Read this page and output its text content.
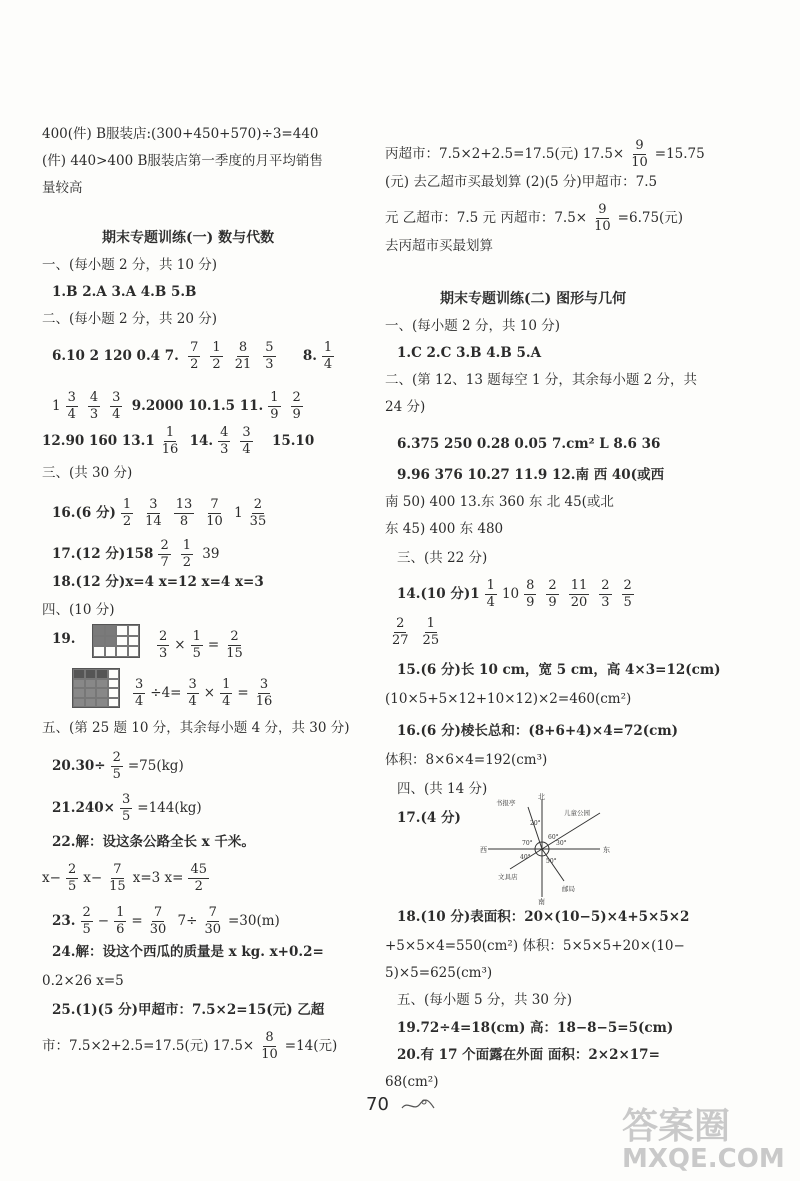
400(件) B服装店:(300+450+570)÷3=440
(件) 440>400 B服装店第一季度的月平均销售
量较高
期末专题训练(一) 数与代数
一、(每小题 2 分，共 10 分)
1.B 2.A 3.A 4.B 5.B
二、(每小题 2 分，共 20 分)
6.10 2 120 0.4 7. $\frac{7}{2} \frac{1}{2} \frac{8}{21} \frac{5}{3} 8$. $\frac{1}{4}$
$1 \frac{3}{4} \frac{4}{3} \frac{3}{4} 9.2000$ 10.1.5 11. $\frac{1}{9} \frac{2}{9}$
12.90 160 $13.1 \frac{1}{16} 14$. $\frac{4}{3} \frac{3}{4} 15.10$
三、(共 30 分)
16.(6 分) $\frac{1}{2} \frac{3}{14} \frac{13}{8} \frac{7}{10} 1 \frac{2}{35}$
17.(12 分)$158 \frac{2}{7} \frac{1}{2} 39$
18.(12 分)x=4 x=12 x=4 x=3
四、(10 分)
19.	$\frac{2}{3} \times \frac{1}{5} = \frac{2}{15}$
$\frac{3}{4} \div 4= \frac{3}{4} \times \frac{1}{4} = \frac{3}{16}$
五、(第 25 题 10 分，其余每小题 4 分，共 30 分)
$20.30\div \frac{2}{5} =75(kg)$
$21.240\times \frac{3}{5} =144(kg)$
22.解：设这条公路全长 x 千米。
$x- \frac{2}{5} x- \frac{7}{15} x=3$ $x= \frac{45}{2}$
23. $\frac{2}{5} - \frac{1}{6} = \frac{7}{30} 7\div \frac{7}{30} =30(m)$
24.解：设这个西瓜的质量是 x kg. x+0.2=
0.2×26 x=5
25.(1)(5 分)甲超市：7.5×2=15(元) 乙超
市：7.5×2+2.5=17.5(元) $17.5\times \frac{8}{10} =14$(元)
丙超市：7.5×2+2.5=17.5(元) $17.5\times \frac{9}{10} =15.75$
(元) 去乙超市买最划算 (2)(5 分)甲超市：7.5
元 乙超市：7.5 元 丙超市：$7.5\times \frac{9}{10} =6.75$(元)
去丙超市买最划算
期末专题训练(二) 图形与几何
一、(每小题 2 分，共 10 分)
1.C 2.C 3.B 4.B 5.A
二、(第 12、13 题每空 1 分，其余每小题 2 分，共
24 分)
6.375 250 0.28 0.05 7.cm² L 8.6 36
9.96 376 10.27 11.9 12.南 西 40(或西
南 50) 400 13.东 360 东 北 45(或北
东 45) 400 东 480
三、(共 22 分)
14.(10 分)$1 \frac{1}{4} 10 \frac{8}{9} \frac{2}{9} \frac{11}{20} \frac{2}{3} \frac{2}{5}$
$\frac{2}{27} \frac{1}{25}$
15.(6 分)长 10 cm，宽 5 cm，高 4×3=12(cm)
(10×5+5×12+10×12)×2=460(cm²)
16.(6 分)棱长总和：(8+6+4)×4=72(cm)
体积：8×6×4=192(cm³)
四、(共 14 分)
17.(4 分)
北
南
东
西
书报亭
儿童公园
文具店
邮局
20°
60°
70°	30°
40°
50°
18.(10 分)表面积：20×(10−5)×4+5×5×2
+5×5×4=550(cm²) 体积：5×5×5+20×(10−
5)×5=625(cm³)
五、(每小题 5 分，共 30 分)
19.72÷4=18(cm) 高：18−8−5=5(cm)
20.有 17 个面露在外面 面积：2×2×17=
68(cm²)
70
答案圈
MXQE.COM
